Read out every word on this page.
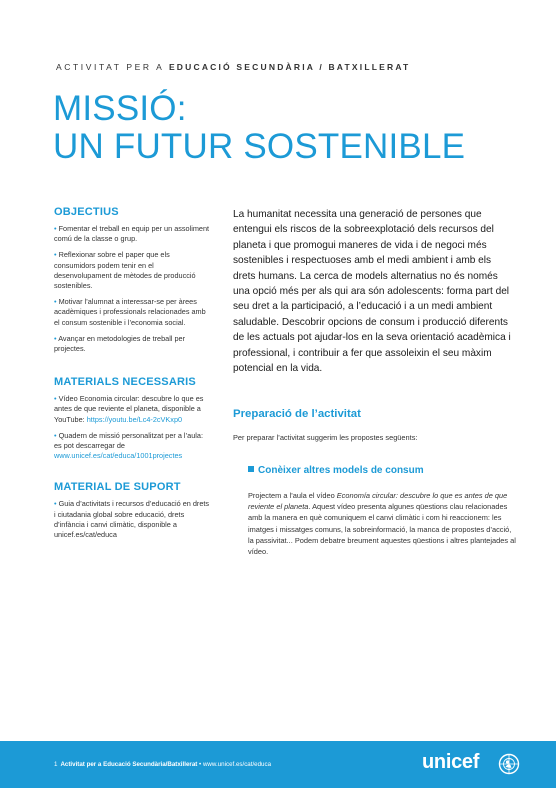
ACTIVITAT PER A EDUCACIÓ SECUNDÀRIA / BATXILLERAT
MISSIÓ:
UN FUTUR SOSTENIBLE
OBJECTIUS

• Fomentar el treball en equip per un assoliment comú de la classe o grup.

• Reflexionar sobre el paper que els consumidors podem tenir en el desenvolupament de mètodes de producció sostenibles.

• Motivar l’alumnat a interessar-se per àrees acadèmiques i professionals relacionades amb el consum sostenible i l’economia social.

• Avançar en metodologies de treball per projectes.

MATERIALS NECESSARIS

• Vídeo Economia circular: descubre lo que es antes de que reviente el planeta, disponible a YouTube: https://youtu.be/Lc4-2cVKxp0

• Quadern de missió personalitzat per a l’aula: es pot descarregar de www.unicef.es/cat/educa/1001projectes

MATERIAL DE SUPORT

• Guia d’activitats i recursos d’educació en drets i ciutadania global sobre educació, drets d’infància i canvi climàtic, disponible a unicef.es/cat/educa

La humanitat necessita una generació de persones que entengui els riscos de la sobreexplotació dels recursos del planeta i que promogui maneres de vida i de negoci més sostenibles i respectuoses amb el medi ambient i amb els drets humans. La cerca de models alternatius no és només una opció més per als qui ara són adolescents: forma part del seu dret a la participació, a l’educació i a un medi ambient saludable. Descobrir opcions de consum i producció diferents de les actuals pot ajudar-los en la seva orientació acadèmica i professional, i contribuir a fer que assoleixin el seu màxim potencial en la vida.

Preparació de l’activitat

Per preparar l’activitat suggerim les propostes següents:

Conèixer altres models de consum

Projectem a l’aula el vídeo Economía circular: descubre lo que es antes de que reviente el planeta. Aquest vídeo presenta algunes qüestions clau relacionades amb la manera en què comuniquem el canvi climàtic i com hi reaccionem: les imatges i missatges comuns, la sobreinformació, la manca de propostes d’acció, la passivitat... Podem debatre breument aquestes qüestions i altres plantejades al vídeo.

1 Activitat per a Educació Secundària/Batxillerat • www.unicef.es/cat/educa	unicef
